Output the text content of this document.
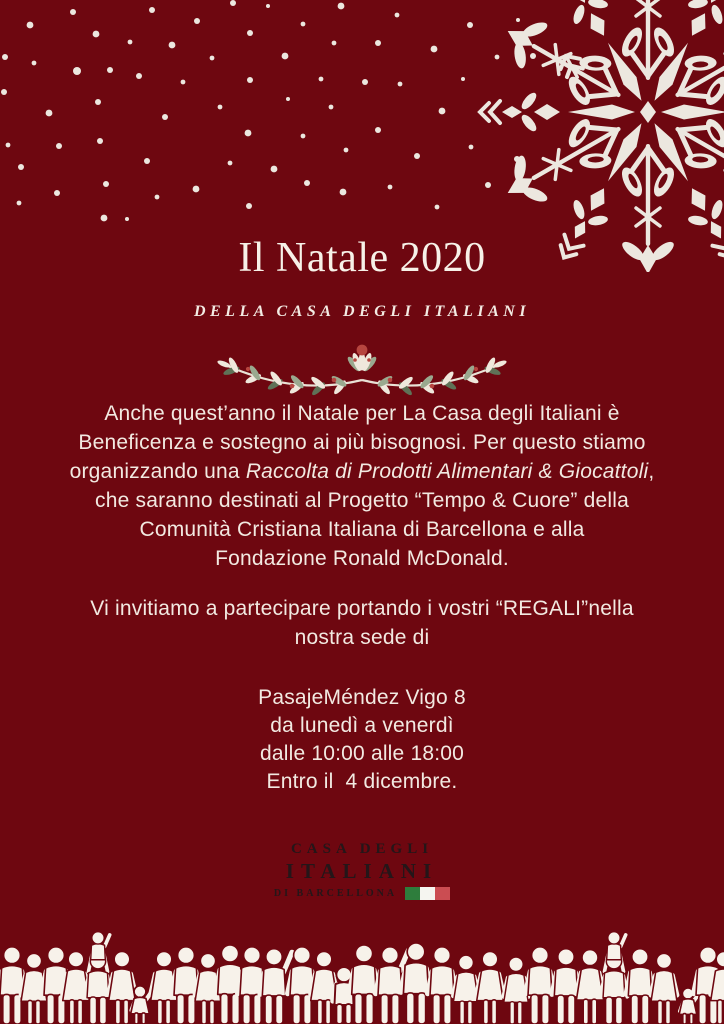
Il Natale 2020
DELLA CASA DEGLI ITALIANI
Anche quest’anno il Natale per La Casa degli Italiani è
Beneficenza e sostegno ai più bisognosi. Per questo stiamo
organizzando una Raccolta di Prodotti Alimentari & Giocattoli,
che saranno destinati al Progetto “Tempo & Cuore” della
Comunità Cristiana Italiana di Barcellona e alla
Fondazione Ronald McDonald.
Vi invitiamo a partecipare portando i vostri “REGALI”nella
nostra sede di
PasajeMéndez Vigo 8
da lunedì a venerdì
dalle 10:00 alle 18:00
Entro il  4 dicembre.
CASA DEGLI
ITALIANI
DI BARCELLONA
